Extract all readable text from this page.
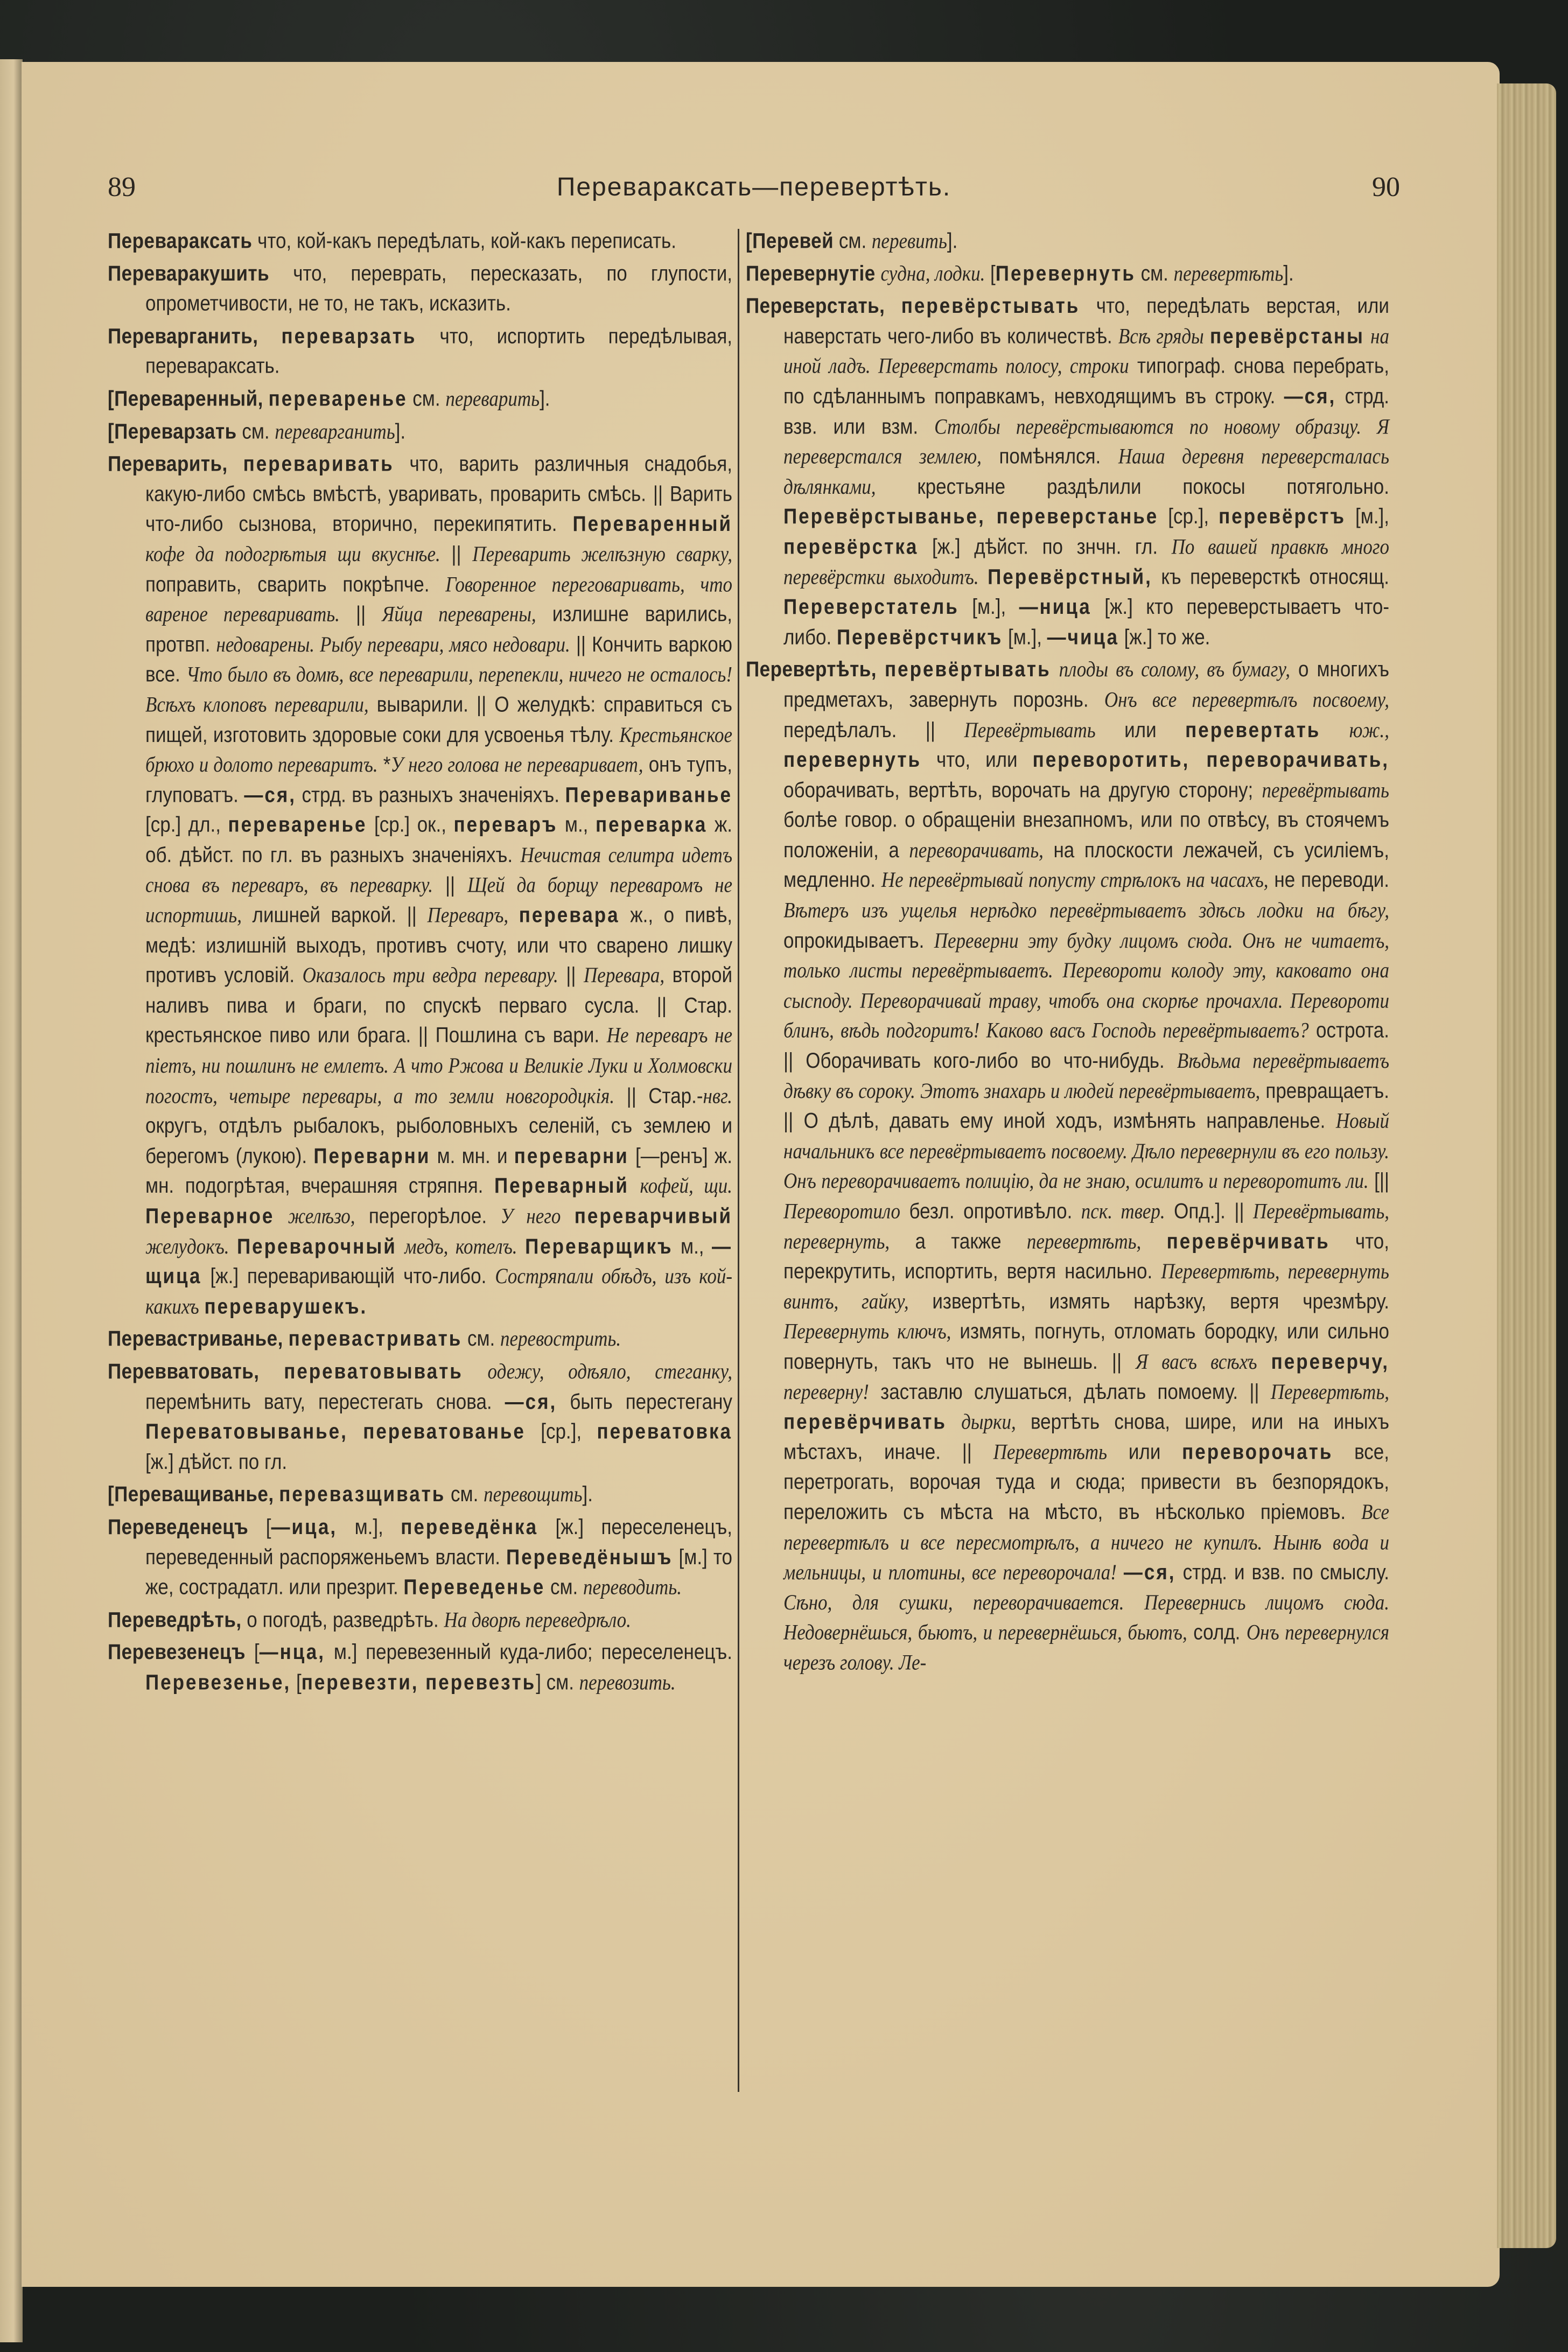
89	Переваракcать—перевертѣть.	90

Переваракcать что, кой-какъ передѣлать, кой-какъ переписать.

Переваракушить что, переврать, пересказать, по глупости, опрометчивости, не то, не такъ, исказить.

Переварганить, переварзать что, испортить передѣлывая, переваракcать.

[Переваренный, переваренье см. переварить].

[Переварзать см. переварганить].

Переварить, переваривать что, варить различныя снадобья, какую-либо смѣсь вмѣстѣ, уваривать, проварить смѣсь. || Варить что-либо сызнова, вторично, перекипятить. Переваренный кофе да подогрѣтыя щи вкуснѣе. || Переварить желѣзную сварку, поправить, сварить покрѣпче. Говоренное переговаривать, что вареное переваривать. || Яйца переварены, излишне варились, протвп. недоварены. Рыбу перевари, мясо недовари. || Кончить варкою все. Что было въ домѣ, все переварили, перепекли, ничего не осталось! Всѣхъ клоповъ переварили, выварили. || О желудкѣ: справиться съ пищей, изготовить здоровые соки для усвоенья тѣлу. Крестьянское брюхо и долото переваритъ. *У него голова не переваривает, онъ тупъ, глуповатъ. —ся, стрд. въ разныхъ значеніяхъ. Перевариванье [ср.] дл., переваренье [ср.] ок., переваръ м., переварка ж. об. дѣйст. по гл. въ разныхъ значеніяхъ. Нечистая селитра идетъ снова въ переваръ, въ переварку. || Щей да борщу переваромъ не испортишь, лишней варкой. || Переваръ, перевара ж., о пивѣ, медѣ: излишній выходъ, противъ счоту, или что сварено лишку противъ условій. Оказалось три ведра перевару. || Перевара, второй наливъ пива и браги, по спускѣ перваго сусла. || Стар. крестьянское пиво или брага. || Пошлина съ вари. Не переваръ не піетъ, ни пошлинъ не емлетъ. А что Ржова и Великіе Луки и Холмовски погостъ, четыре перевары, а то земли новгородцкія. || Стар.-нвг. округъ, отдѣлъ рыбалокъ, рыболовныхъ селеній, съ землею и берегомъ (лукою). Переварни м. мн. и переварни [—ренъ] ж. мн. подогрѣтая, вчерашняя стряпня. Переварный кофей, щи. Переварное желѣзо, перегорѣлое. У него переварчивый желудокъ. Переварочный медъ, котелъ. Переварщикъ м., —щица [ж.] переваривающій что-либо. Состряпали обѣдъ, изъ кой-какихъ переварушекъ.

Перевастриванье, перевастривать см. перевострить.

Перевватовать, переватовывать одежу, одѣяло, стеганку, перемѣнить вату, перестегать снова. —ся, быть перестегану Переватовыванье, переватованье [ср.], переватовка [ж.] дѣйст. по гл.

[Переващиванье, перевазщивать см. перевощить].

Переведенецъ [—ица, м.], переведёнка [ж.] переселенецъ, переведенный распоряженьемъ власти. Переведёнышъ [м.] то же, сострадатл. или презрит. Переведенье см. переводить.

Переведрѣть, о погодѣ, разведрѣть. На дворѣ переведрѣло.

Перевезенецъ [—нца, м.] перевезенный куда-либо; переселенецъ. Перевезенье, [перевезти, перевезть] см. перевозить.

[Перевей см. перевить].

Перевернутіе судна, лодки. [Перевернуть см. перевертѣть].

Переверстать, перевёрстывать что, передѣлать верстая, или наверстать чего-либо въ количествѣ. Всѣ гряды перевёрстаны на иной ладъ. Переверстать полосу, строки типограф. снова перебрать, по сдѣланнымъ поправкамъ, невходящимъ въ строку. —ся, стрд. взв. или взм. Столбы перевёрстываются по новому образцу. Я переверстался землею, помѣнялся. Наша деревня переверсталась дѣлянками, крестьяне раздѣлили покосы потягольно. Перевёрстыванье, переверстанье [ср.], перевёрстъ [м.], перевёрстка [ж.] дѣйст. по знчн. гл. По вашей правкѣ много перевёрстки выходитъ. Перевёрстный, къ переверсткѣ относящ. Переверстатель [м.], —ница [ж.] кто переверстываетъ что-либо. Перевёрстчикъ [м.], —чица [ж.] то же.

Перевертѣть, перевёртывать плоды въ солому, въ бумагу, о многихъ предметахъ, завернуть порознь. Онъ все перевертѣлъ посвоему, передѣлалъ. || Перевёртывать или перевертать юж., перевернуть что, или переворотить, переворачивать, оборачивать, вертѣть, ворочать на другую сторону; перевёртывать болѣе говор. о обращеніи внезапномъ, или по отвѣсу, въ стоячемъ положеніи, а переворачивать, на плоскости лежачей, съ усиліемъ, медленно. Не перевёртывай попусту стрѣлокъ на часахъ, не переводи. Вѣтеръ изъ ущелья нерѣдко перевёртываетъ здѣсь лодки на бѣгу, опрокидываетъ. Переверни эту будку лицомъ сюда. Онъ не читаетъ, только листы перевёртываетъ. Переворoти колоду эту, каковато она сысподу. Переворачивай траву, чтобъ она скорѣе прочахла. Переворoти блинъ, вѣдь подгоритъ! Каково васъ Господь перевёртываетъ? острота. || Оборачивать кого-либо во что-нибудь. Вѣдьма перевёртываетъ дѣвку въ сороку. Этотъ знахарь и людей перевёртываетъ, превращаетъ. || О дѣлѣ, давать ему иной ходъ, измѣнять направленье. Новый начальникъ все перевёртываетъ посвоему. Дѣло перевернули въ его пользу. Онъ переворачиваетъ полицію, да не знаю, осилитъ и переворотитъ ли. [|| Переворотило безл. опротивѣло. пск. твер. Опд.]. || Перевёртывать, перевернуть, а также перевертѣть, перевёрчивать что, перекрутить, испортить, вертя насильно. Перевертѣть, перевернуть винтъ, гайку, извертѣть, измять нарѣзку, вертя чрезмѣру. Перевернуть ключъ, измять, погнуть, отломать бородку, или сильно повернуть, такъ что не вынешь. || Я васъ всѣхъ переверчу, переверну! заставлю слушаться, дѣлать помоему. || Перевертѣть, перевёрчивать дырки, вертѣть снова, шире, или на иныхъ мѣстахъ, иначе. || Перевертѣть или переворочать все, перетрогать, ворочая туда и сюда; привести въ безпорядокъ, переложить съ мѣста на мѣсто, въ нѣсколько пріемовъ. Все перевертѣлъ и все пересмотрѣлъ, а ничего не купилъ. Нынѣ вода и мельницы, и плотины, все переворочала! —ся, стрд. и взв. по смыслу. Сѣно, для сушки, переворачивается. Перевернись лицомъ сюда. Недовернёшься, бьютъ, и перевернёшься, бьютъ, солд. Онъ перевернулся черезъ голову. Ле-
